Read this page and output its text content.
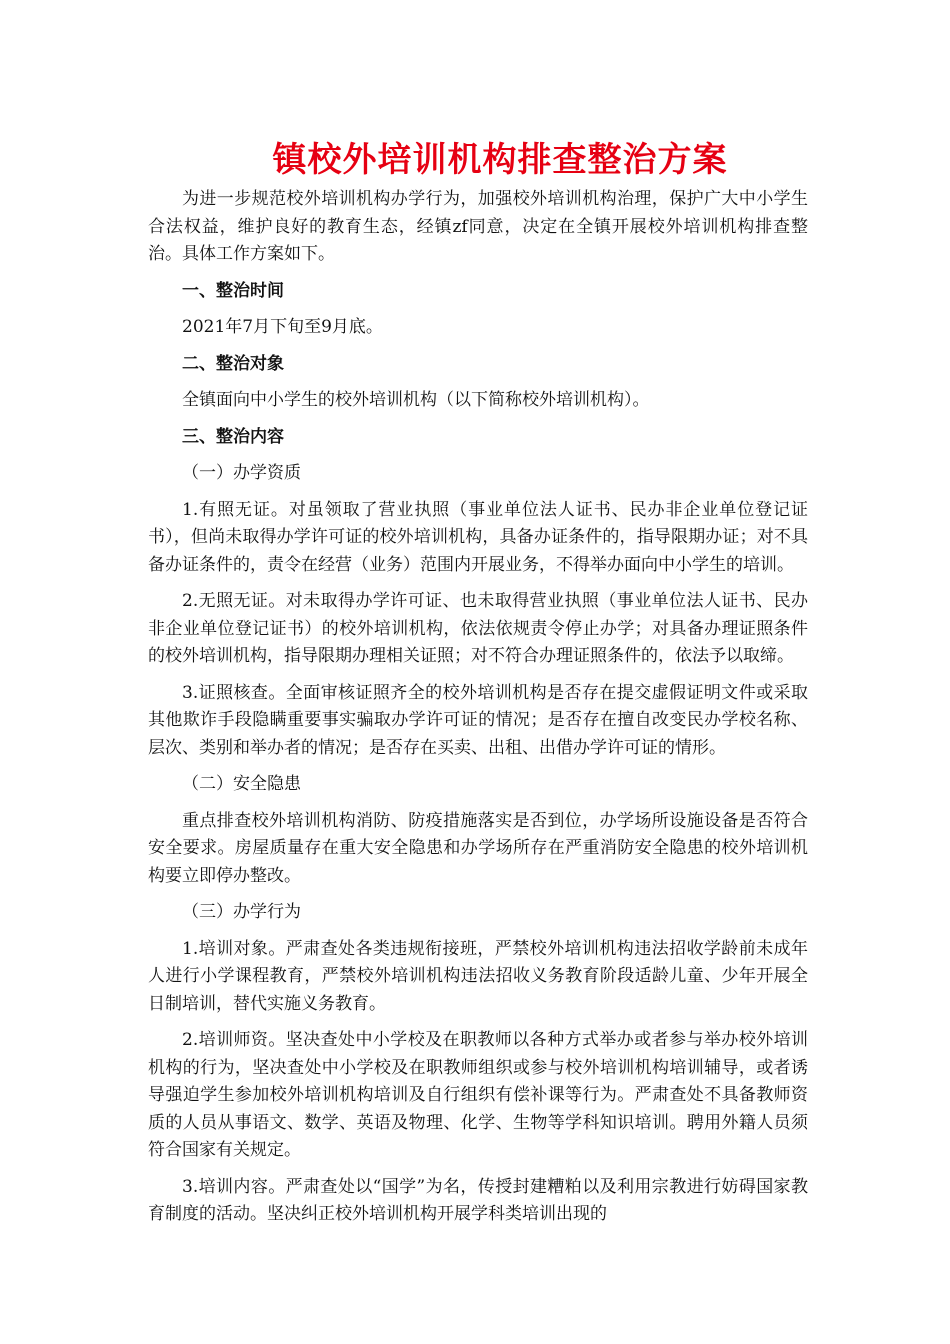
镇校外培训机构排查整治方案
为进一步规范校外培训机构办学行为，加强校外培训机构治理，保护广大中小学生合法权益，维护良好的教育生态，经镇zf同意，决定在全镇开展校外培训机构排查整治。具体工作方案如下。
一、整治时间
2021年7月下旬至9月底。
二、整治对象
全镇面向中小学生的校外培训机构（以下简称校外培训机构）。
三、整治内容
（一）办学资质
1.有照无证。对虽领取了营业执照（事业单位法人证书、民办非企业单位登记证书），但尚未取得办学许可证的校外培训机构，具备办证条件的，指导限期办证；对不具备办证条件的，责令在经营（业务）范围内开展业务，不得举办面向中小学生的培训。
2.无照无证。对未取得办学许可证、也未取得营业执照（事业单位法人证书、民办非企业单位登记证书）的校外培训机构，依法依规责令停止办学；对具备办理证照条件的校外培训机构，指导限期办理相关证照；对不符合办理证照条件的，依法予以取缔。
3.证照核查。全面审核证照齐全的校外培训机构是否存在提交虚假证明文件或采取其他欺诈手段隐瞒重要事实骗取办学许可证的情况；是否存在擅自改变民办学校名称、层次、类别和举办者的情况；是否存在买卖、出租、出借办学许可证的情形。
（二）安全隐患
重点排查校外培训机构消防、防疫措施落实是否到位，办学场所设施设备是否符合安全要求。房屋质量存在重大安全隐患和办学场所存在严重消防安全隐患的校外培训机构要立即停办整改。
（三）办学行为
1.培训对象。严肃查处各类违规衔接班，严禁校外培训机构违法招收学龄前未成年人进行小学课程教育，严禁校外培训机构违法招收义务教育阶段适龄儿童、少年开展全日制培训，替代实施义务教育。
2.培训师资。坚决查处中小学校及在职教师以各种方式举办或者参与举办校外培训机构的行为，坚决查处中小学校及在职教师组织或参与校外培训机构培训辅导，或者诱导强迫学生参加校外培训机构培训及自行组织有偿补课等行为。严肃查处不具备教师资质的人员从事语文、数学、英语及物理、化学、生物等学科知识培训。聘用外籍人员须符合国家有关规定。
3.培训内容。严肃查处以“国学”为名，传授封建糟粕以及利用宗教进行妨碍国家教育制度的活动。坚决纠正校外培训机构开展学科类培训出现的
